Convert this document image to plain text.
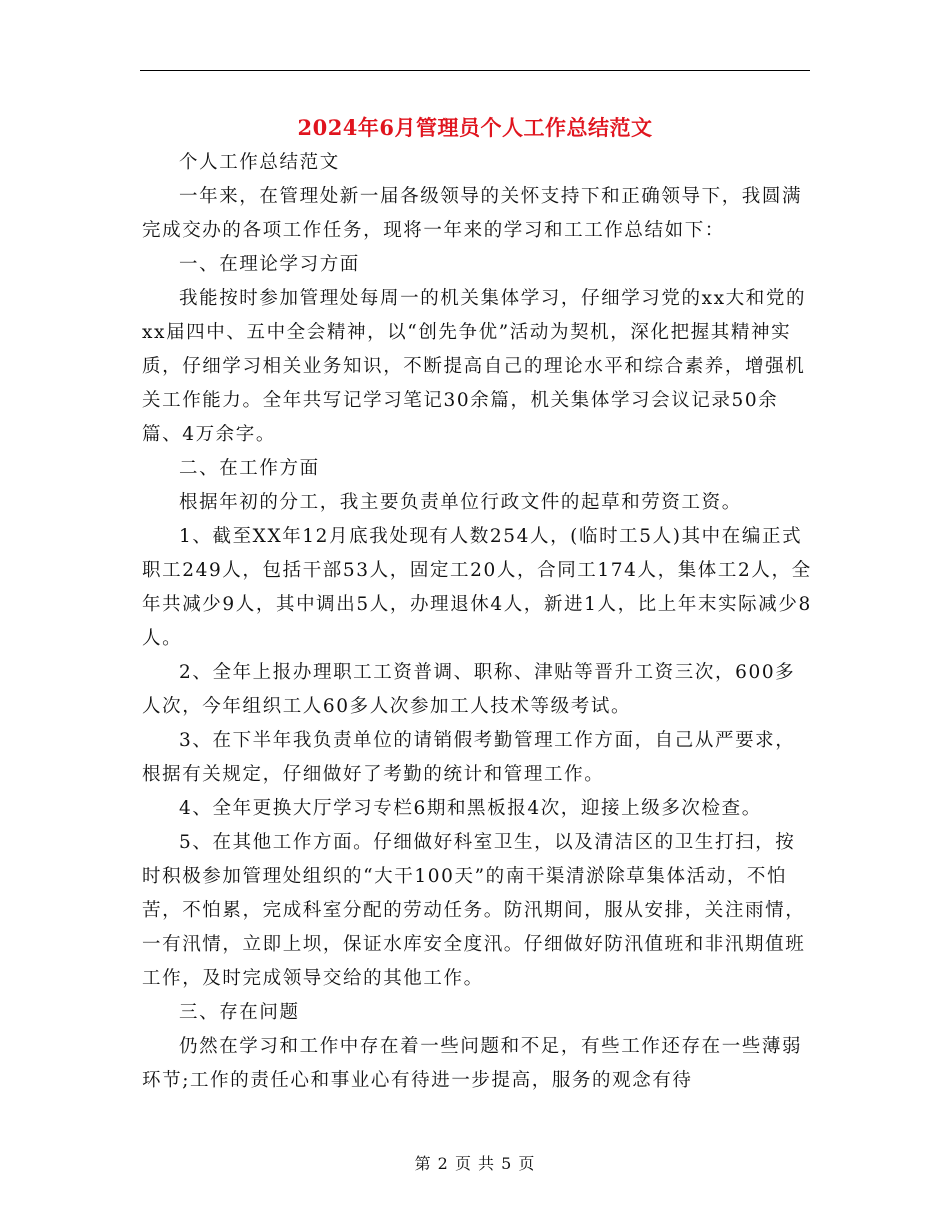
2024年6月管理员个人工作总结范文

个人工作总结范文

一年来，在管理处新一届各级领导的关怀支持下和正确领导下，我圆满完成交办的各项工作任务，现将一年来的学习和工工作总结如下：

一、在理论学习方面

我能按时参加管理处每周一的机关集体学习，仔细学习党的xx大和党的xx届四中、五中全会精神，以“创先争优”活动为契机，深化把握其精神实质，仔细学习相关业务知识，不断提高自己的理论水平和综合素养，增强机关工作能力。全年共写记学习笔记30余篇，机关集体学习会议记录50余篇、4万余字。

二、在工作方面

根据年初的分工，我主要负责单位行政文件的起草和劳资工资。

1、截至XX年12月底我处现有人数254人，(临时工5人)其中在编正式职工249人，包括干部53人，固定工20人，合同工174人，集体工2人，全年共减少9人，其中调出5人，办理退休4人，新进1人，比上年末实际减少8人。

2、全年上报办理职工工资普调、职称、津贴等晋升工资三次，600多人次，今年组织工人60多人次参加工人技术等级考试。

3、在下半年我负责单位的请销假考勤管理工作方面，自己从严要求，根据有关规定，仔细做好了考勤的统计和管理工作。

4、全年更换大厅学习专栏6期和黑板报4次，迎接上级多次检查。

5、在其他工作方面。仔细做好科室卫生，以及清洁区的卫生打扫，按时积极参加管理处组织的“大干100天”的南干渠清淤除草集体活动，不怕苦，不怕累，完成科室分配的劳动任务。防汛期间，服从安排，关注雨情，一有汛情，立即上坝，保证水库安全度汛。仔细做好防汛值班和非汛期值班工作，及时完成领导交给的其他工作。

三、存在问题

仍然在学习和工作中存在着一些问题和不足，有些工作还存在一些薄弱环节;工作的责任心和事业心有待进一步提高，服务的观念有待

第 2 页 共 5 页
